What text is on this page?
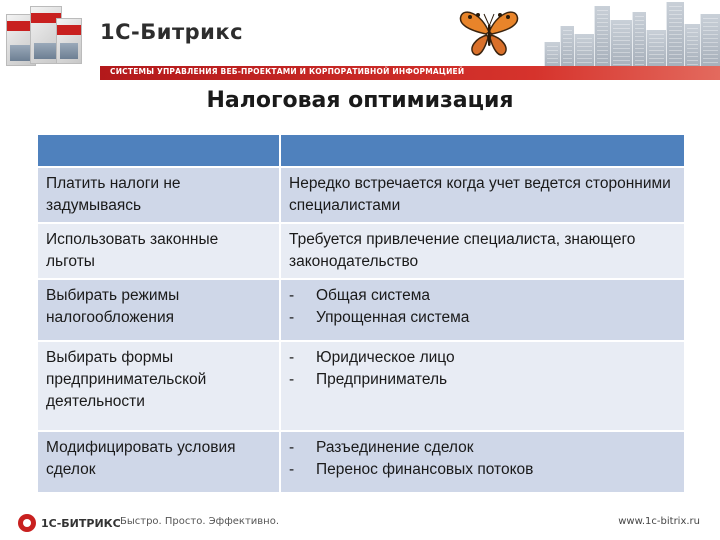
1С-Битрикс
СИСТЕМЫ УПРАВЛЕНИЯ ВЕБ-ПРОЕКТАМИ И КОРПОРАТИВНОЙ ИНФОРМАЦИЕЙ
Налоговая оптимизация

Платить налоги не задумываясь	Нередко встречается когда учет ведется сторонними специалистами
Использовать законные льготы	Требуется привлечение специалиста, знающего законодательство
Выбирать режимы налогообложения	- Общая система
- Упрощенная система

Выбирать формы предпринимательской деятельности	- Юридическое лицо
- Предприниматель

Модифицировать условия сделок	- Разъединение сделок
- Перенос финансовых потоков
1С-БИТРИКС Быстро. Просто. Эффективно.	www.1c-bitrix.ru
